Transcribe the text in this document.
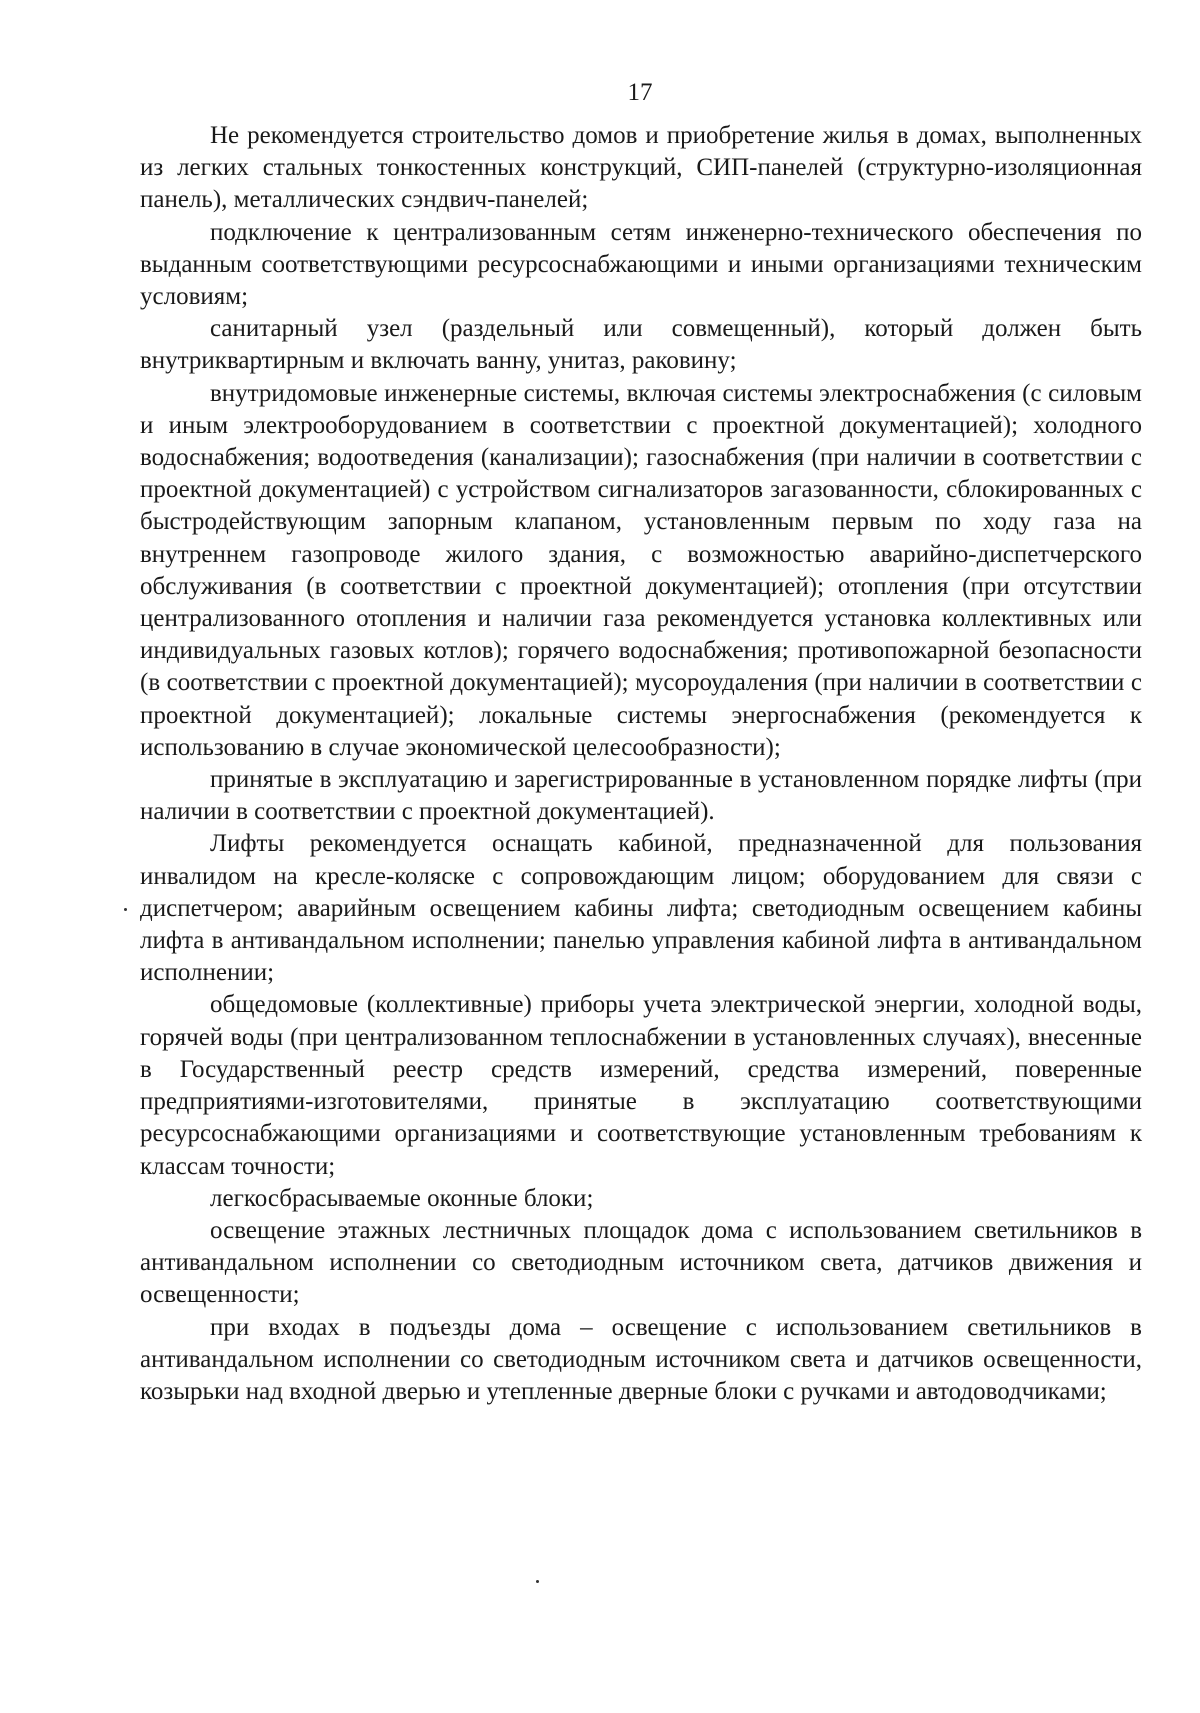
17

Не рекомендуется строительство домов и приобретение жилья в домах, выполненных из легких стальных тонкостенных конструкций, СИП-панелей (структурно-изоляционная панель), металлических сэндвич-панелей;

подключение к централизованным сетям инженерно-технического обеспечения по выданным соответствующими ресурсоснабжающими и иными организациями техническим условиям;

санитарный узел (раздельный или совмещенный), который должен быть внутриквартирным и включать ванну, унитаз, раковину;

внутридомовые инженерные системы, включая системы электроснабжения (с силовым и иным электрооборудованием в соответствии с проектной документацией); холодного водоснабжения; водоотведения (канализации); газоснабжения (при наличии в соответствии с проектной документацией) с устройством сигнализаторов загазованности, сблокированных с быстродействующим запорным клапаном, установленным первым по ходу газа на внутреннем газопроводе жилого здания, с возможностью аварийно-диспетчерского обслуживания (в соответствии с проектной документацией); отопления (при отсутствии централизованного отопления и наличии газа рекомендуется установка коллективных или индивидуальных газовых котлов); горячего водоснабжения; противопожарной безопасности (в соответствии с проектной документацией); мусороудаления (при наличии в соответствии с проектной документацией); локальные системы энергоснабжения (рекомендуется к использованию в случае экономической целесообразности);

принятые в эксплуатацию и зарегистрированные в установленном порядке лифты (при наличии в соответствии с проектной документацией).

Лифты рекомендуется оснащать кабиной, предназначенной для пользования инвалидом на кресле-коляске с сопровождающим лицом; оборудованием для связи с диспетчером; аварийным освещением кабины лифта; светодиодным освещением кабины лифта в антивандальном исполнении; панелью управления кабиной лифта в антивандальном исполнении;

общедомовые (коллективные) приборы учета электрической энергии, холодной воды, горячей воды (при централизованном теплоснабжении в установленных случаях), внесенные в Государственный реестр средств измерений, средства измерений, поверенные предприятиями-изготовителями, принятые в эксплуатацию соответствующими ресурсоснабжающими организациями и соответствующие установленным требованиям к классам точности;

легкосбрасываемые оконные блоки;

освещение этажных лестничных площадок дома с использованием светильников в антивандальном исполнении со светодиодным источником света, датчиков движения и освещенности;

при входах в подъезды дома – освещение с использованием светильников в антивандальном исполнении со светодиодным источником света и датчиков освещенности, козырьки над входной дверью и утепленные дверные блоки с ручками и автодоводчиками;
